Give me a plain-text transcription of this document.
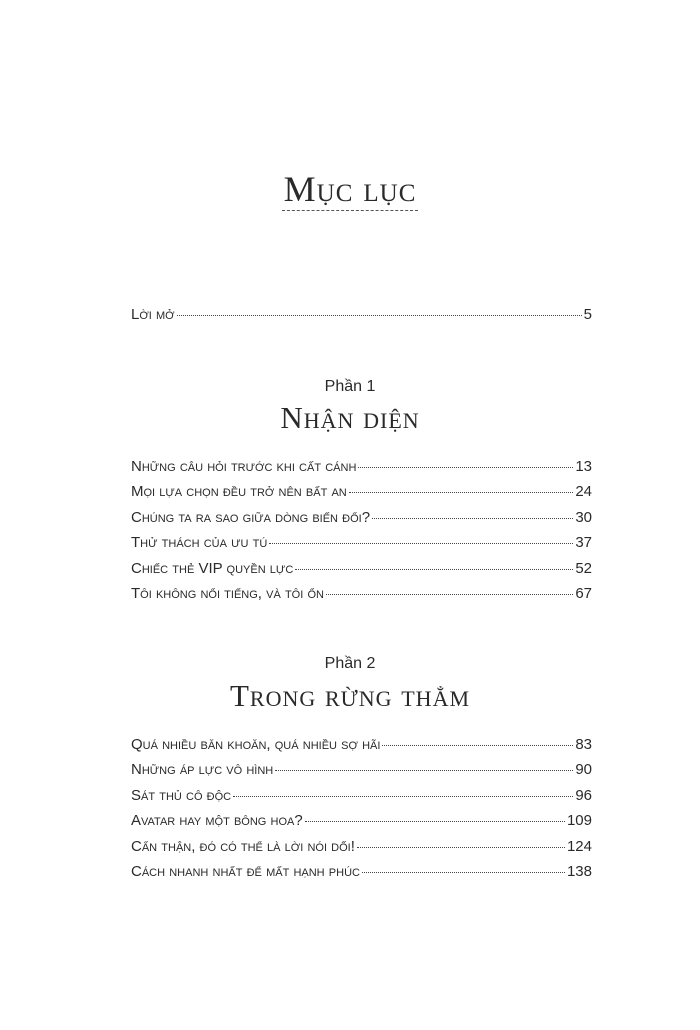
Mục lục
Lời mở	5
Phần 1
Nhận diện
Những câu hỏi trước khi cất cánh	13
Mọi lựa chọn đều trở nên bất an	24
Chúng ta ra sao giữa dòng biến đổi?	30
Thử thách của ưu tú	37
Chiếc thẻ VIP quyền lực	52
Tôi không nổi tiếng, và tôi ổn	67
Phần 2
Trong rừng thẳm
Quá nhiều băn khoăn, quá nhiều sợ hãi	83
Những áp lực vô hình	90
Sát thủ cô độc	96
Avatar hay một bông hoa?	109
Cẩn thận, đó có thể là lời nói dối!	124
Cách nhanh nhất để mất hạnh phúc	138
